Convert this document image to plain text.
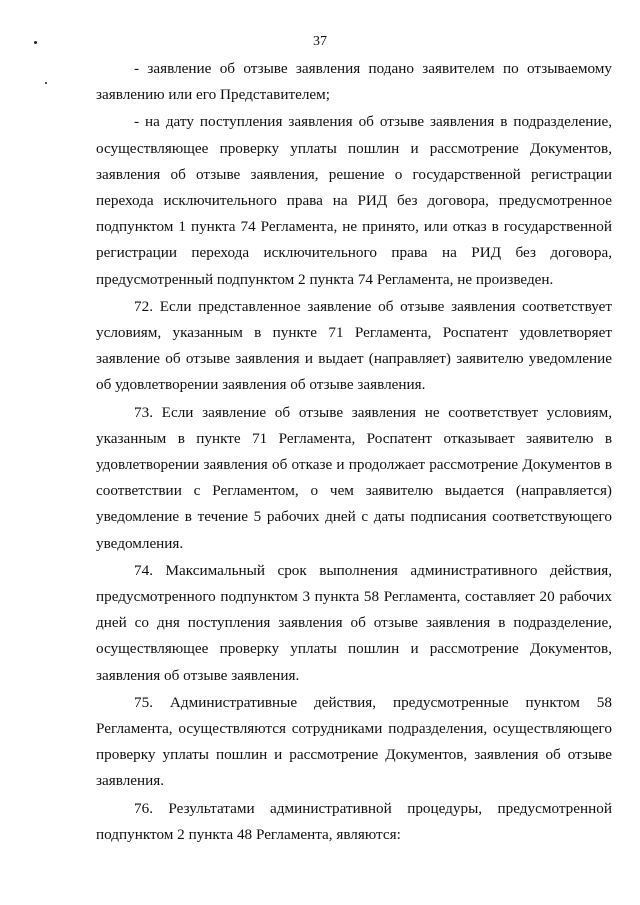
37

- заявление об отзыве заявления подано заявителем по отзываемому заявлению или его Представителем;

- на дату поступления заявления об отзыве заявления в подразделение, осуществляющее проверку уплаты пошлин и рассмотрение Документов, заявления об отзыве заявления, решение о государственной регистрации перехода исключительного права на РИД без договора, предусмотренное подпунктом 1 пункта 74 Регламента, не принято, или отказ в государственной регистрации перехода исключительного права на РИД без договора, предусмотренный подпунктом 2 пункта 74 Регламента, не произведен.

72. Если представленное заявление об отзыве заявления соответствует условиям, указанным в пункте 71 Регламента, Роспатент удовлетворяет заявление об отзыве заявления и выдает (направляет) заявителю уведомление об удовлетворении заявления об отзыве заявления.

73. Если заявление об отзыве заявления не соответствует условиям, указанным в пункте 71 Регламента, Роспатент отказывает заявителю в удовлетворении заявления об отказе и продолжает рассмотрение Документов в соответствии с Регламентом, о чем заявителю выдается (направляется) уведомление в течение 5 рабочих дней с даты подписания соответствующего уведомления.

74. Максимальный срок выполнения административного действия, предусмотренного подпунктом 3 пункта 58 Регламента, составляет 20 рабочих дней со дня поступления заявления об отзыве заявления в подразделение, осуществляющее проверку уплаты пошлин и рассмотрение Документов, заявления об отзыве заявления.

75. Административные действия, предусмотренные пунктом 58 Регламента, осуществляются сотрудниками подразделения, осуществляющего проверку уплаты пошлин и рассмотрение Документов, заявления об отзыве заявления.

76. Результатами административной процедуры, предусмотренной подпунктом 2 пункта 48 Регламента, являются:
